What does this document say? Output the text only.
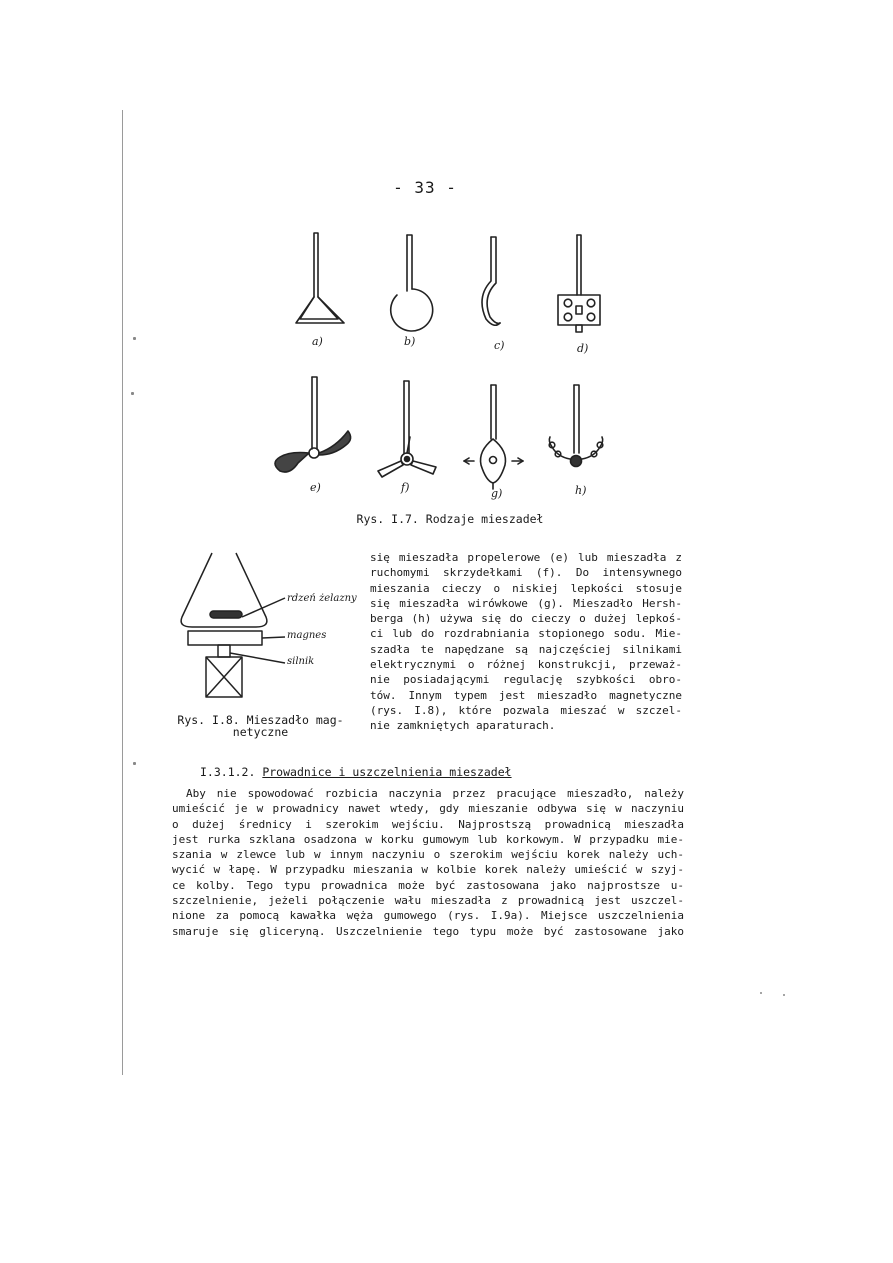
- 33 -
a)	b)	c)	d)
e)	f)	g)	h)
Rys. I.7. Rodzaje mieszadeł
rdzeń żelazny
magnes
silnik
Rys. I.8. Mieszadło mag-
netyczne
się mieszadła propelerowe (e) lub mieszadła z
ruchomymi skrzydełkami (f). Do intensywnego
mieszania cieczy o niskiej lepkości stosuje
się mieszadła wirówkowe (g). Mieszadło Hersh-
berga (h) używa się do cieczy o dużej lepkoś-
ci lub do rozdrabniania stopionego sodu. Mie-
szadła te napędzane są najczęściej silnikami
elektrycznymi o różnej konstrukcji, przeważ-
nie posiadającymi regulację szybkości obro-
tów. Innym typem jest mieszadło magnetyczne
(rys. I.8), które pozwala mieszać w szczel-
nie zamkniętych aparaturach.
I.3.1.2. Prowadnice i uszczelnienia mieszadeł
Aby nie spowodować rozbicia naczynia przez pracujące mieszadło, należy
umieścić je w prowadnicy nawet wtedy, gdy mieszanie odbywa się w naczyniu
o dużej średnicy i szerokim wejściu. Najprostszą prowadnicą mieszadła
jest rurka szklana osadzona w korku gumowym lub korkowym. W przypadku mie-
szania w zlewce lub w innym naczyniu o szerokim wejściu korek należy uch-
wycić w łapę. W przypadku mieszania w kolbie korek należy umieścić w szyj-
ce kolby. Tego typu prowadnica może być zastosowana jako najprostsze u-
szczelnienie, jeżeli połączenie wału mieszadła z prowadnicą jest uszczel-
nione za pomocą kawałka węża gumowego (rys. I.9a). Miejsce uszczelnienia
smaruje się gliceryną. Uszczelnienie tego typu może być zastosowane jako
